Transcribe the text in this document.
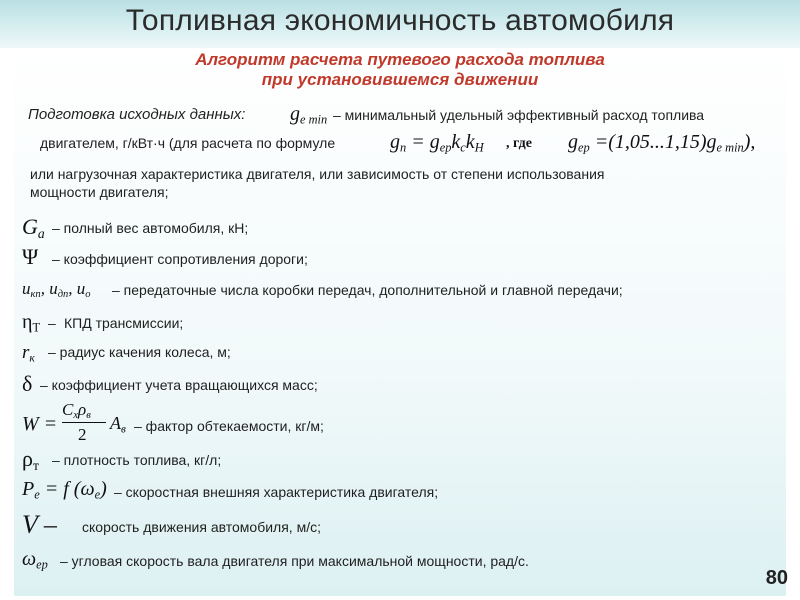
Топливная экономичность автомобиля
Алгоритм расчета путевого расхода топлива
при установившемся движении
Подготовка исходных данных: $g_{e min}$ – минимальный удельный эффективный расход топлива
двигателем, г/кВт·ч (для расчета по формуле	$g_п = g_{ep}k_ck_H$ , где $g_{ep} =(1,05...1,15)g_{e min}$),
или нагрузочная характеристика двигателя, или зависимость от степени использования
мощности двигателя;
$G_a$ – полный вес автомобиля, кН;
Ψ – коэффициент сопротивления дороги;
$u_{кп}$, $u_{дп}$, $u_o$ – передаточные числа коробки передач, дополнительной и главной передачи;
$\eta_T$ КПД трансмиссии;
–
$r_к$ – радиус качения колеса, м;
δ – коэффициент учета вращающихся масс;
W =
$C_x\rho_в$
2
$A_в$ – фактор обтекаемости, кг/м;
$\rho_т$ – плотность топлива, кг/л;
$P_e = f$ $(\omega_e)$ – скоростная внешняя характеристика двигателя;
V – скорость движения автомобиля, м/с;
$\omega_{ep}$ – угловая скорость вала двигателя при максимальной мощности, рад/с.
80
